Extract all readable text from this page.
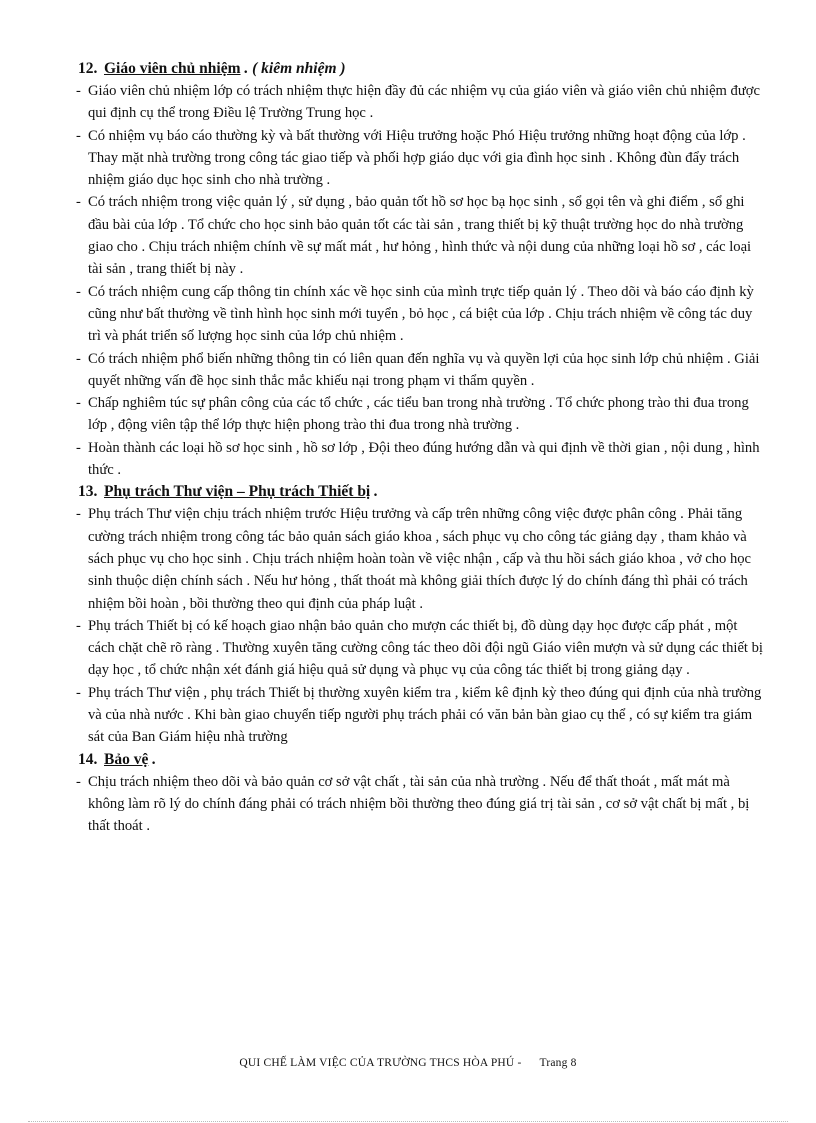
12. Giáo viên chủ nhiệm . ( kiêm nhiệm )

- Giáo viên chủ nhiệm lớp có trách nhiệm thực hiện đầy đủ các nhiệm vụ của giáo viên và giáo viên chủ nhiệm được qui định cụ thể trong Điều lệ Trường Trung học .

- Có nhiệm vụ báo cáo thường kỳ và bất thường với Hiệu trưởng hoặc Phó Hiệu trưởng những hoạt động của lớp . Thay mặt nhà trường trong công tác giao tiếp và phối hợp giáo dục với gia đình học sinh . Không đùn đẩy trách nhiệm giáo dục học sinh cho nhà trường .

- Có trách nhiệm trong việc quản lý , sử dụng , bảo quản tốt hồ sơ học bạ học sinh , sổ gọi tên và ghi điểm , sổ ghi đầu bài của lớp . Tổ chức cho học sinh bảo quản tốt các tài sản , trang thiết bị kỹ thuật trường học do nhà trường giao cho . Chịu trách nhiệm chính về sự mất mát , hư hỏng , hình thức và nội dung của những loại hồ sơ , các loại tài sản , trang thiết bị này .

- Có trách nhiệm cung cấp thông tin chính xác về học sinh của mình trực tiếp quản lý . Theo dõi và báo cáo định kỳ cũng như bất thường về tình hình học sinh mới tuyển , bỏ học , cá biệt của lớp . Chịu trách nhiệm về công tác duy trì và phát triển số lượng học sinh của lớp chủ nhiệm .

- Có trách nhiệm phổ biến những thông tin có liên quan đến nghĩa vụ và quyền lợi của học sinh lớp chủ nhiệm . Giải quyết những vấn đề học sinh thắc mắc khiếu nại trong phạm vi thẩm quyền .

- Chấp nghiêm túc sự phân công của các tổ chức , các tiểu ban trong nhà trường . Tổ chức phong trào thi đua trong lớp , động viên tập thể lớp thực hiện phong trào thi đua trong nhà trường .

- Hoàn thành các loại hồ sơ học sinh , hồ sơ lớp , Đội theo đúng hướng dẫn và qui định về thời gian , nội dung , hình thức .

13. Phụ trách Thư viện – Phụ trách Thiết bị .

- Phụ trách Thư viện chịu trách nhiệm trước Hiệu trưởng và cấp trên những công việc được phân công . Phải tăng cường trách nhiệm trong công tác bảo quản sách giáo khoa , sách phục vụ cho công tác giảng dạy , tham khảo và sách phục vụ cho học sinh . Chịu trách nhiệm hoàn toàn về việc nhận , cấp và thu hồi sách giáo khoa , vở cho học sinh thuộc diện chính sách . Nếu hư hỏng , thất thoát mà không giải thích được lý do chính đáng thì phải có trách nhiệm bồi hoàn , bồi thường theo qui định của pháp luật .

- Phụ trách Thiết bị có kế hoạch giao nhận bảo quản cho mượn các thiết bị, đồ dùng dạy học được cấp phát , một cách chặt chẽ rõ ràng . Thường xuyên tăng cường công tác theo dõi đội ngũ Giáo viên mượn và sử dụng các thiết bị dạy học , tổ chức nhận xét đánh giá hiệu quả sử dụng và phục vụ của công tác thiết bị trong giảng dạy .

- Phụ trách Thư viện , phụ trách Thiết bị thường xuyên kiểm tra , kiểm kê định kỳ theo đúng qui định của nhà trường và của nhà nước . Khi bàn giao chuyển tiếp người phụ trách phải có văn bản bàn giao cụ thể , có sự kiểm tra giám sát của Ban Giám hiệu nhà trường

14. Bảo vệ .

- Chịu trách nhiệm theo dõi và bảo quản cơ sở vật chất , tài sản của nhà trường . Nếu để thất thoát , mất mát mà không làm rõ lý do chính đáng phải có trách nhiệm bồi thường theo đúng giá trị tài sản , cơ sở vật chất bị mất , bị thất thoát .

QUI CHẾ LÀM VIỆC CỦA TRƯỜNG THCS HÒA PHÚ - Trang 8
